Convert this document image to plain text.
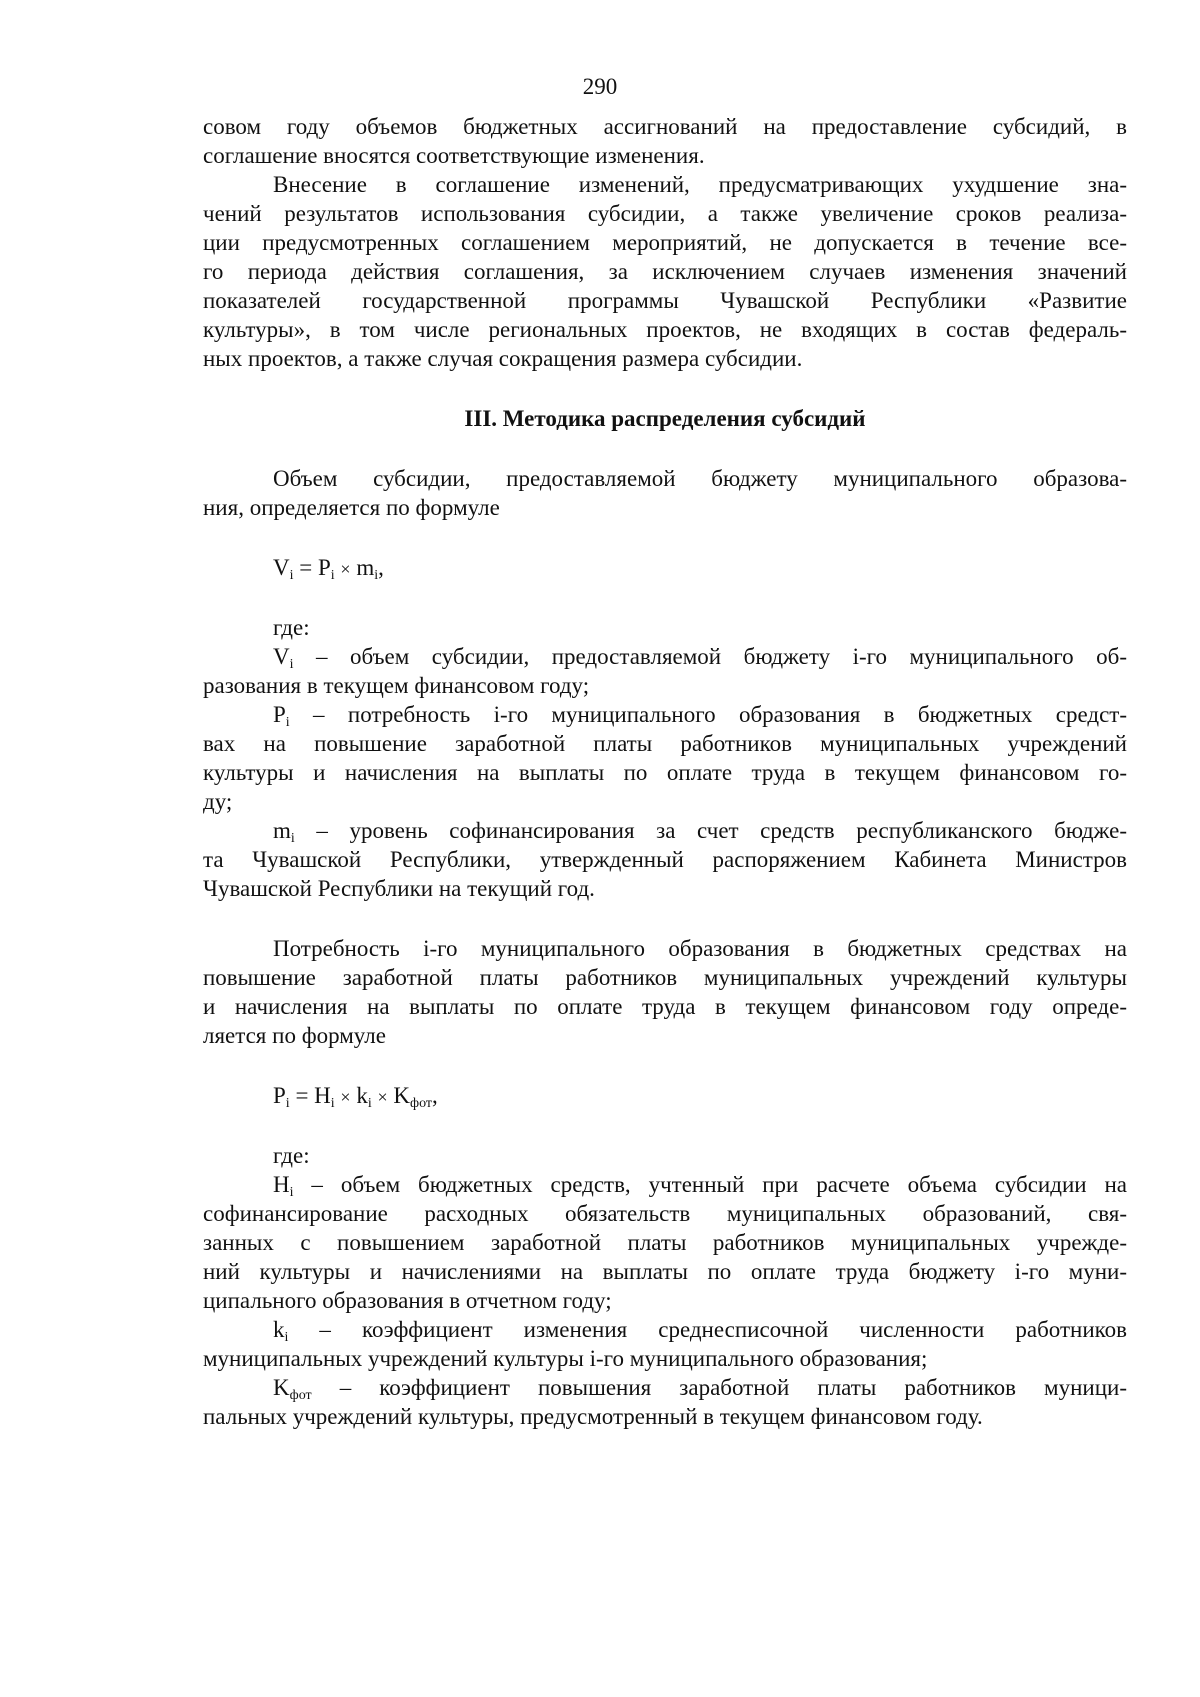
290
совом году объемов бюджетных ассигнований на предоставление субсидий, в
соглашение вносятся соответствующие изменения.
Внесение в соглашение изменений, предусматривающих ухудшение зна-
чений результатов использования субсидии, а также увеличение сроков реализа-
ции предусмотренных соглашением мероприятий, не допускается в течение все-
го периода действия соглашения, за исключением случаев изменения значений
показателей государственной программы Чувашской Республики «Развитие
культуры», в том числе региональных проектов, не входящих в состав федераль-
ных проектов, а также случая сокращения размера субсидии.
III. Методика распределения субсидий
Объем субсидии, предоставляемой бюджету муниципального образова-
ния, определяется по формуле
$V_i = P_i \times m_i$,
где:
$V_i$ – объем субсидии, предоставляемой бюджету i-го муниципального об-
разования в текущем финансовом году;
$P_i$ – потребность i-го муниципального образования в бюджетных средст-
вах на повышение заработной платы работников муниципальных учреждений
культуры и начисления на выплаты по оплате труда в текущем финансовом го-
ду;
$m_i$ – уровень софинансирования за счет средств республиканского бюдже-
та Чувашской Республики, утвержденный распоряжением Кабинета Министров
Чувашской Республики на текущий год.
Потребность i-го муниципального образования в бюджетных средствах на
повышение заработной платы работников муниципальных учреждений культуры
и начисления на выплаты по оплате труда в текущем финансовом году опреде-
ляется по формуле
$P_i = H_i \times k_i \times K_{фот}$,
где:
$H_i$ – объем бюджетных средств, учтенный при расчете объема субсидии на
софинансирование расходных обязательств муниципальных образований, свя-
занных с повышением заработной платы работников муниципальных учрежде-
ний культуры и начислениями на выплаты по оплате труда бюджету i-го муни-
ципального образования в отчетном году;
$k_i$ – коэффициент изменения среднесписочной численности работников
муниципальных учреждений культуры i-го муниципального образования;
$K_{фот}$ – коэффициент повышения заработной платы работников муници-
пальных учреждений культуры, предусмотренный в текущем финансовом году.
